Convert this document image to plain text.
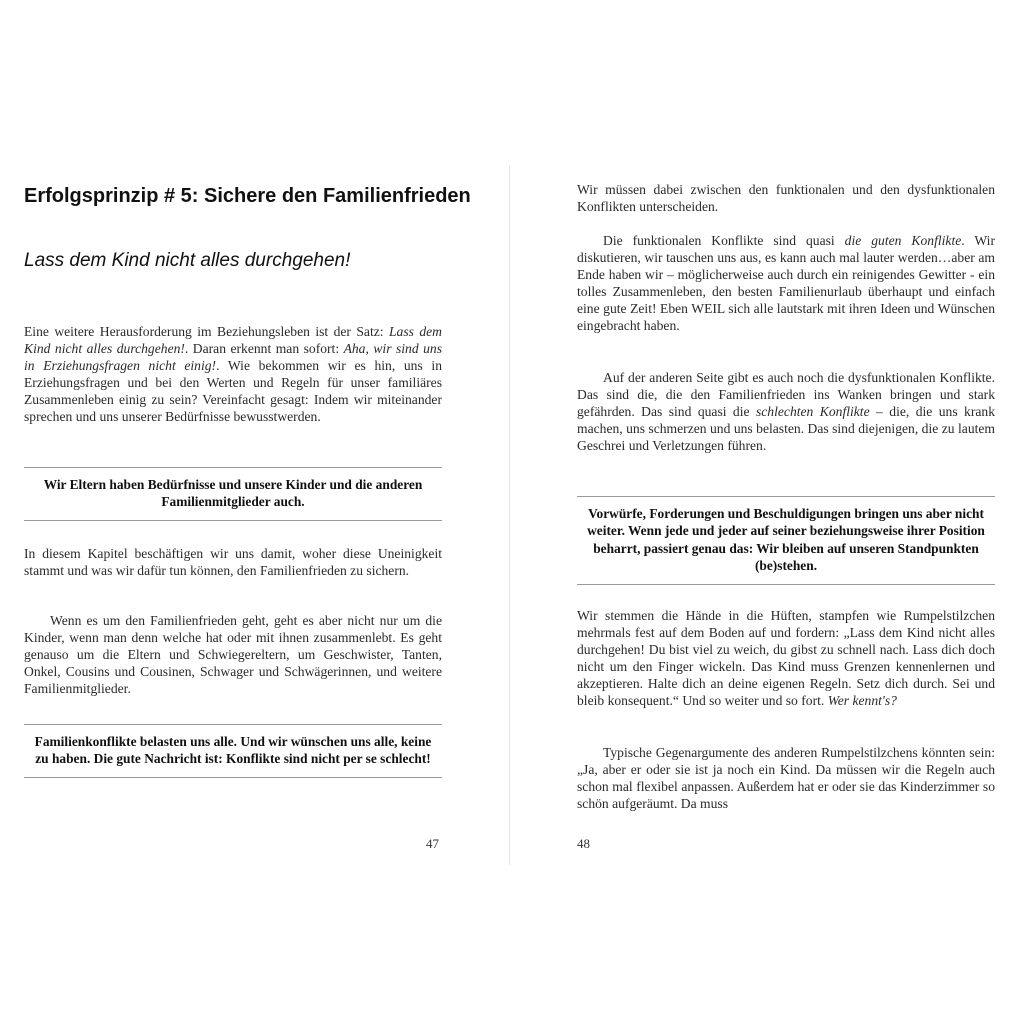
Erfolgsprinzip # 5: Sichere den Familienfrieden
Lass dem Kind nicht alles durchgehen!

Eine weitere Herausforderung im Beziehungsleben ist der Satz: Lass dem Kind nicht alles durchgehen!. Daran erkennt man sofort: Aha, wir sind uns in Erziehungsfragen nicht einig!. Wie bekommen wir es hin, uns in Erziehungsfragen und bei den Werten und Regeln für unser familiäres Zusammenleben einig zu sein? Vereinfacht gesagt: Indem wir miteinander sprechen und uns unserer Bedürfnisse bewusstwerden.

Wir Eltern haben Bedürfnisse und unsere Kinder und die anderen Familienmitglieder auch.

In diesem Kapitel beschäftigen wir uns damit, woher diese Uneinigkeit stammt und was wir dafür tun können, den Familienfrieden zu sichern.

Wenn es um den Familienfrieden geht, geht es aber nicht nur um die Kinder, wenn man denn welche hat oder mit ihnen zusammenlebt. Es geht genauso um die Eltern und Schwiegereltern, um Geschwister, Tanten, Onkel, Cousins und Cousinen, Schwager und Schwägerinnen, und weitere Familienmitglieder.

Familienkonflikte belasten uns alle. Und wir wünschen uns alle, keine zu haben. Die gute Nachricht ist: Konflikte sind nicht per se schlecht!

47

Wir müssen dabei zwischen den funktionalen und den dysfunktionalen Konflikten unterscheiden.

Die funktionalen Konflikte sind quasi die guten Konflikte. Wir diskutieren, wir tauschen uns aus, es kann auch mal lauter werden…aber am Ende haben wir – möglicherweise auch durch ein reinigendes Gewitter - ein tolles Zusammenleben, den besten Familienurlaub überhaupt und einfach eine gute Zeit! Eben WEIL sich alle lautstark mit ihren Ideen und Wünschen eingebracht haben.

Auf der anderen Seite gibt es auch noch die dysfunktionalen Konflikte. Das sind die, die den Familienfrieden ins Wanken bringen und stark gefährden. Das sind quasi die schlechten Konflikte – die, die uns krank machen, uns schmerzen und uns belasten. Das sind diejenigen, die zu lautem Geschrei und Verletzungen führen.

Vorwürfe, Forderungen und Beschuldigungen bringen uns aber nicht weiter. Wenn jede und jeder auf seiner beziehungsweise ihrer Position beharrt, passiert genau das: Wir bleiben auf unseren Standpunkten (be)stehen.

Wir stemmen die Hände in die Hüften, stampfen wie Rumpelstilzchen mehrmals fest auf dem Boden auf und fordern: „Lass dem Kind nicht alles durchgehen! Du bist viel zu weich, du gibst zu schnell nach. Lass dich doch nicht um den Finger wickeln. Das Kind muss Grenzen kennenlernen und akzeptieren. Halte dich an deine eigenen Regeln. Setz dich durch. Sei und bleib konsequent.“ Und so weiter und so fort. Wer kennt's?

Typische Gegenargumente des anderen Rumpelstilzchens könnten sein: „Ja, aber er oder sie ist ja noch ein Kind. Da müssen wir die Regeln auch schon mal flexibel anpassen. Außerdem hat er oder sie das Kinderzimmer so schön aufgeräumt. Da muss

48
